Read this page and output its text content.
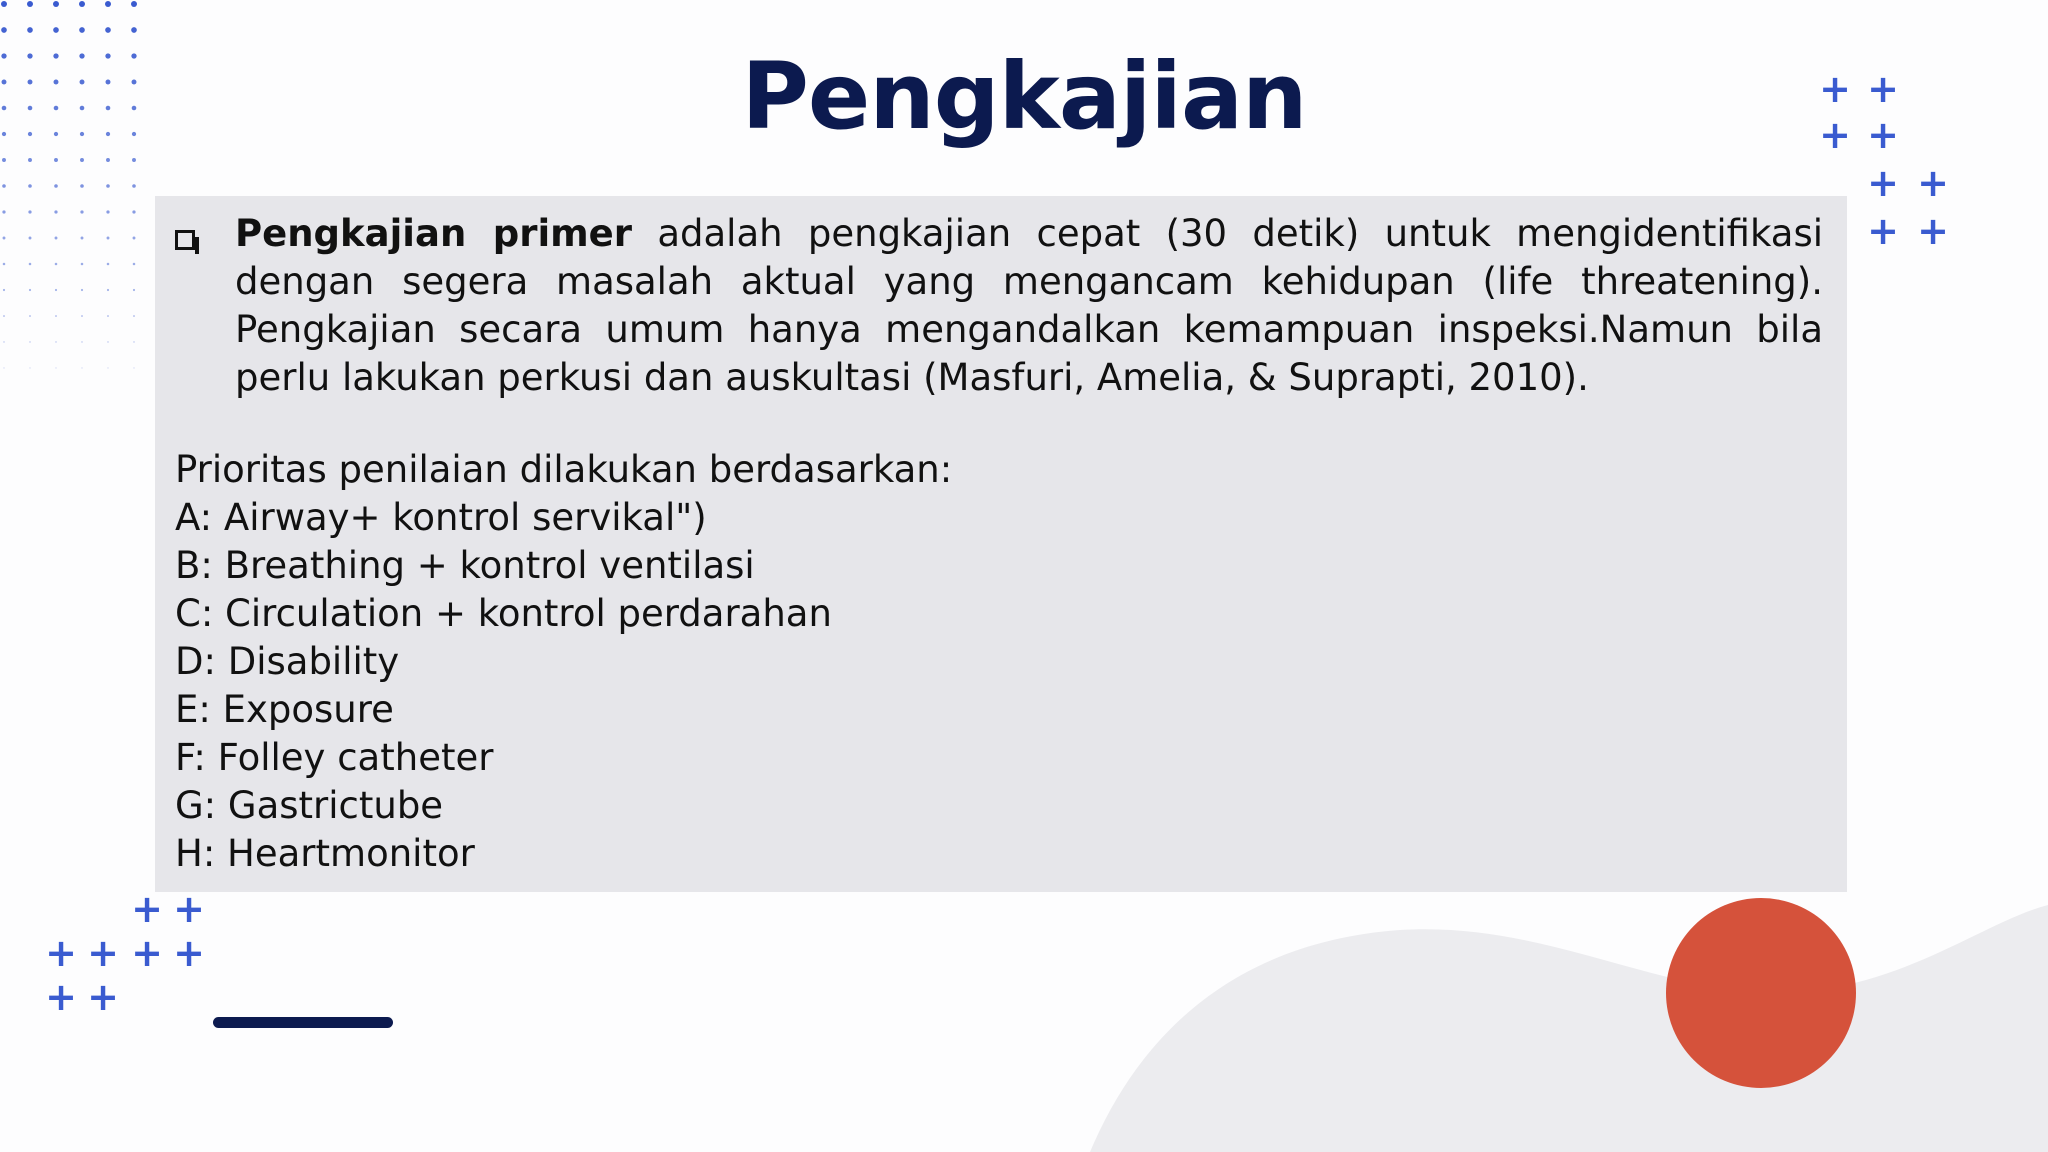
Pengkajian	+ +
+ +
+ +
+ +
Pengkajian primer adalah pengkajian cepat (30 detik) untuk mengidentifikasi dengan segera masalah aktual yang mengancam kehidupan (life threatening). Pengkajian secara umum hanya mengandalkan kemampuan inspeksi.Namun bila perlu lakukan perkusi dan auskultasi (Masfuri, Amelia, & Suprapti, 2010).
Prioritas penilaian dilakukan berdasarkan:
A: Airway+ kontrol servikal")
B: Breathing + kontrol ventilasi
C: Circulation + kontrol perdarahan
D: Disability
E: Exposure
F: Folley catheter
G: Gastrictube
H: Heartmonitor
+ +
+ + + +
+ +
